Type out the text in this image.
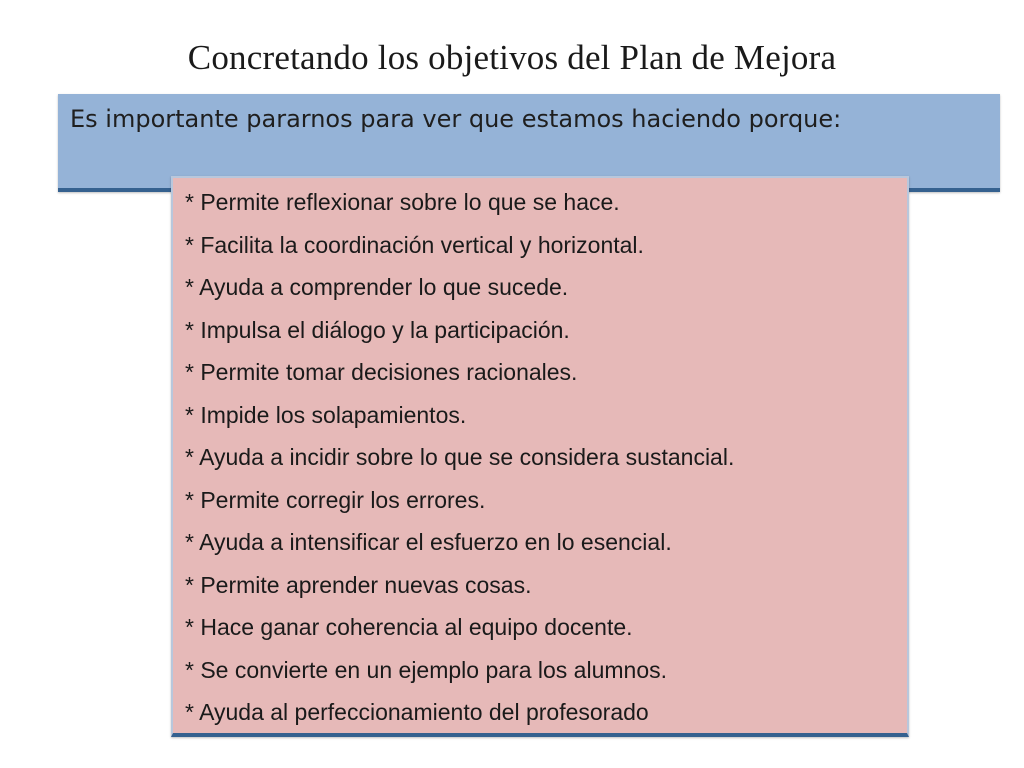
Concretando los objetivos del Plan de Mejora
Es importante pararnos para ver que estamos haciendo porque:
* Permite reflexionar sobre lo que se hace.
* Facilita la coordinación vertical y horizontal.
* Ayuda a comprender lo que sucede.
* Impulsa el diálogo y la participación.
* Permite tomar decisiones racionales.
* Impide los solapamientos.
* Ayuda a incidir sobre lo que se considera sustancial.
* Permite corregir los errores.
* Ayuda a intensificar el esfuerzo en lo esencial.
* Permite aprender nuevas cosas.
* Hace ganar coherencia al equipo docente.
* Se convierte en un ejemplo para los alumnos.
* Ayuda al perfeccionamiento del profesorado
